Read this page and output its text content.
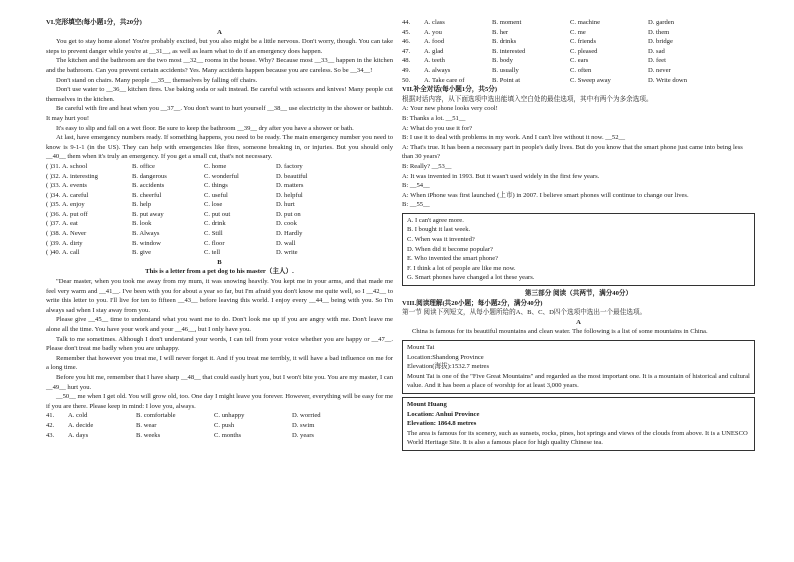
VI.完形填空(每小题1分，共20分)
A
You get to stay home alone! You're probably excited, but you also might be a little nervous. Don't worry, though. You can take steps to prevent danger while you're at __31__, as well as learn what to do if an emergency does happen.
The kitchen and the bathroom are the two most __32__ rooms in the house. Why? Because most __33__ happen in the kitchen and the bathroom. Can you prevent certain accidents? Yes. Many accidents happen because you are careless. So be __34__!
Don't stand on chairs. Many people __35__ themselves by falling off chairs.
Don't use water to __36__ kitchen fires. Use baking soda or salt instead. Be careful with scissors and knives! Many people cut themselves in the kitchen.
Be careful with fire and heat when you __37__. You don't want to hurt yourself __38__ use electricity in the shower or bathtub. It may hurt you!
It's easy to slip and fall on a wet floor. Be sure to keep the bathroom __39__ dry after you have a shower or bath.
At last, have emergency numbers ready. If something happens, you need to be ready. The main emergency number you need to know is 9-1-1 (in the US). They can help with emergencies like fires, someone breaking in, or injuries. But you should only __40__ them when it's truly an emergency. If you get a small cut, that's not necessary.
( )31. A. school	B. office	C. home	D. factory
( )32. A. interesting	B. dangerous	C. wonderful	D. beautiful
( )33. A. events	B. accidents	C. things	D. matters
( )34. A. careful	B. cheerful	C. useful	D. helpful
( )35. A. enjoy	B. help	C. lose	D. hurt
( )36. A. put off	B. put away	C. put out	D. put on
( )37. A. eat	B. look	C. drink	D. cook
( )38. A. Never	B. Always	C. Still	D. Hardly
( )39. A. dirty	B. window	C. floor	D. wall
( )40. A. call	B. give	C. tell	D. write
B
This is a letter from a pet dog to his master（主人）.
"Dear master, when you took me away from my mum, it was snowing heavily. You kept me in your arms, and that made me feel very warm and __41__. I've been with you for about a year so far, but I'm afraid you don't know me quite well, so I __42__ to write this letter to you. I'll live for ten to fifteen __43__ before leaving this world. I enjoy every __44__ being with you. So I'm always sad when I stay away from you.
Please give __45__ time to understand what you want me to do. Don't look me up if you are angry with me. Don't leave me alone all the time. You have your work and your __46__, but I only have you.
Talk to me sometimes. Although I don't understand your words, I can tell from your voice whether you are happy or __47__. Please don't treat me badly when you are unhappy.
Remember that however you treat me, I will never forget it. And if you treat me terribly, it will have a bad influence on me for a long time.
Before you hit me, remember that I have sharp __48__ that could easily hurt you, but I won't bite you. You are my master, I can __49__ hurt you.
__50__ me when I get old. You will grow old, too. One day I might leave you forever. However, everything will be easy for me if you are there. Please keep in mind: I love you, always.
41.	A. cold	B. comfortable	C. unhappy	D. worried
42.	A. decide	B. wear	C. push	D. swim
43.	A. days	B. weeks	C. months	D. years
44.	A. class	B. moment	C. machine	D. garden
45.	A. you	B. her	C. me	D. them
46.	A. food	B. drinks	C. friends	D. bridge
47.	A. glad	B. interested	C. pleased	D. sad
48.	A. teeth	B. body	C. ears	D. feet
49.	A. always	B. usually	C. often	D. never
50.	A. Take care of	B. Point at	C. Sweep away	D. Write down
VII.补全对话(每小题1分，共5分)
根据对话内容，从下面选项中选出能填入空白处的最佳选项，其中有两个为多余选项。
A: Your new phone looks very cool!
B: Thanks a lot. __51__
A: What do you use it for?
B: I use it to deal with problems in my work. And I can't live without it now. __52__
A: That's true. It has been a necessary part in people's daily lives. But do you know that the smart phone just came into being less than 30 years?
B: Really? __53__
A: It was invented in 1993. But it wasn't used widely in the first few years.
B: __54__
A: When iPhone was first launched (上市) in 2007. I believe smart phones will continue to change our lives.
B: __55__
A. I can't agree more.
B. I bought it last week.
C. When was it invented?
D. When did it become popular?
E. Who invented the smart phone?
F. I think a lot of people are like me now.
G. Smart phones have changed a lot these years.
第三部分 阅读（共两节，满分40分）
VIII.阅读理解(共20小题；每小题2分，满分40分)
第一节 阅读下列短文，从每小题所给的A、B、C、D四个选项中选出一个最佳选项。
A
China is famous for its beautiful mountains and clean water. The following is a list of some mountains in China.
Mount Tai
Location:Shandong Province
Elevation(海拔):1532.7 metres
Mount Tai is one of the "Five Great Mountains" and regarded as the most important one. It is a mountain of historical and cultural value. And it has been a place of worship for at least 3,000 years.
Mount Huang
Location: Anhui Province
Elevation: 1864.8 metres
The area is famous for its scenery, such as sunsets, rocks, pines, hot springs and views of the clouds from above. It is a UNESCO World Heritage Site. It is also a famous place for high quality Chinese tea.
